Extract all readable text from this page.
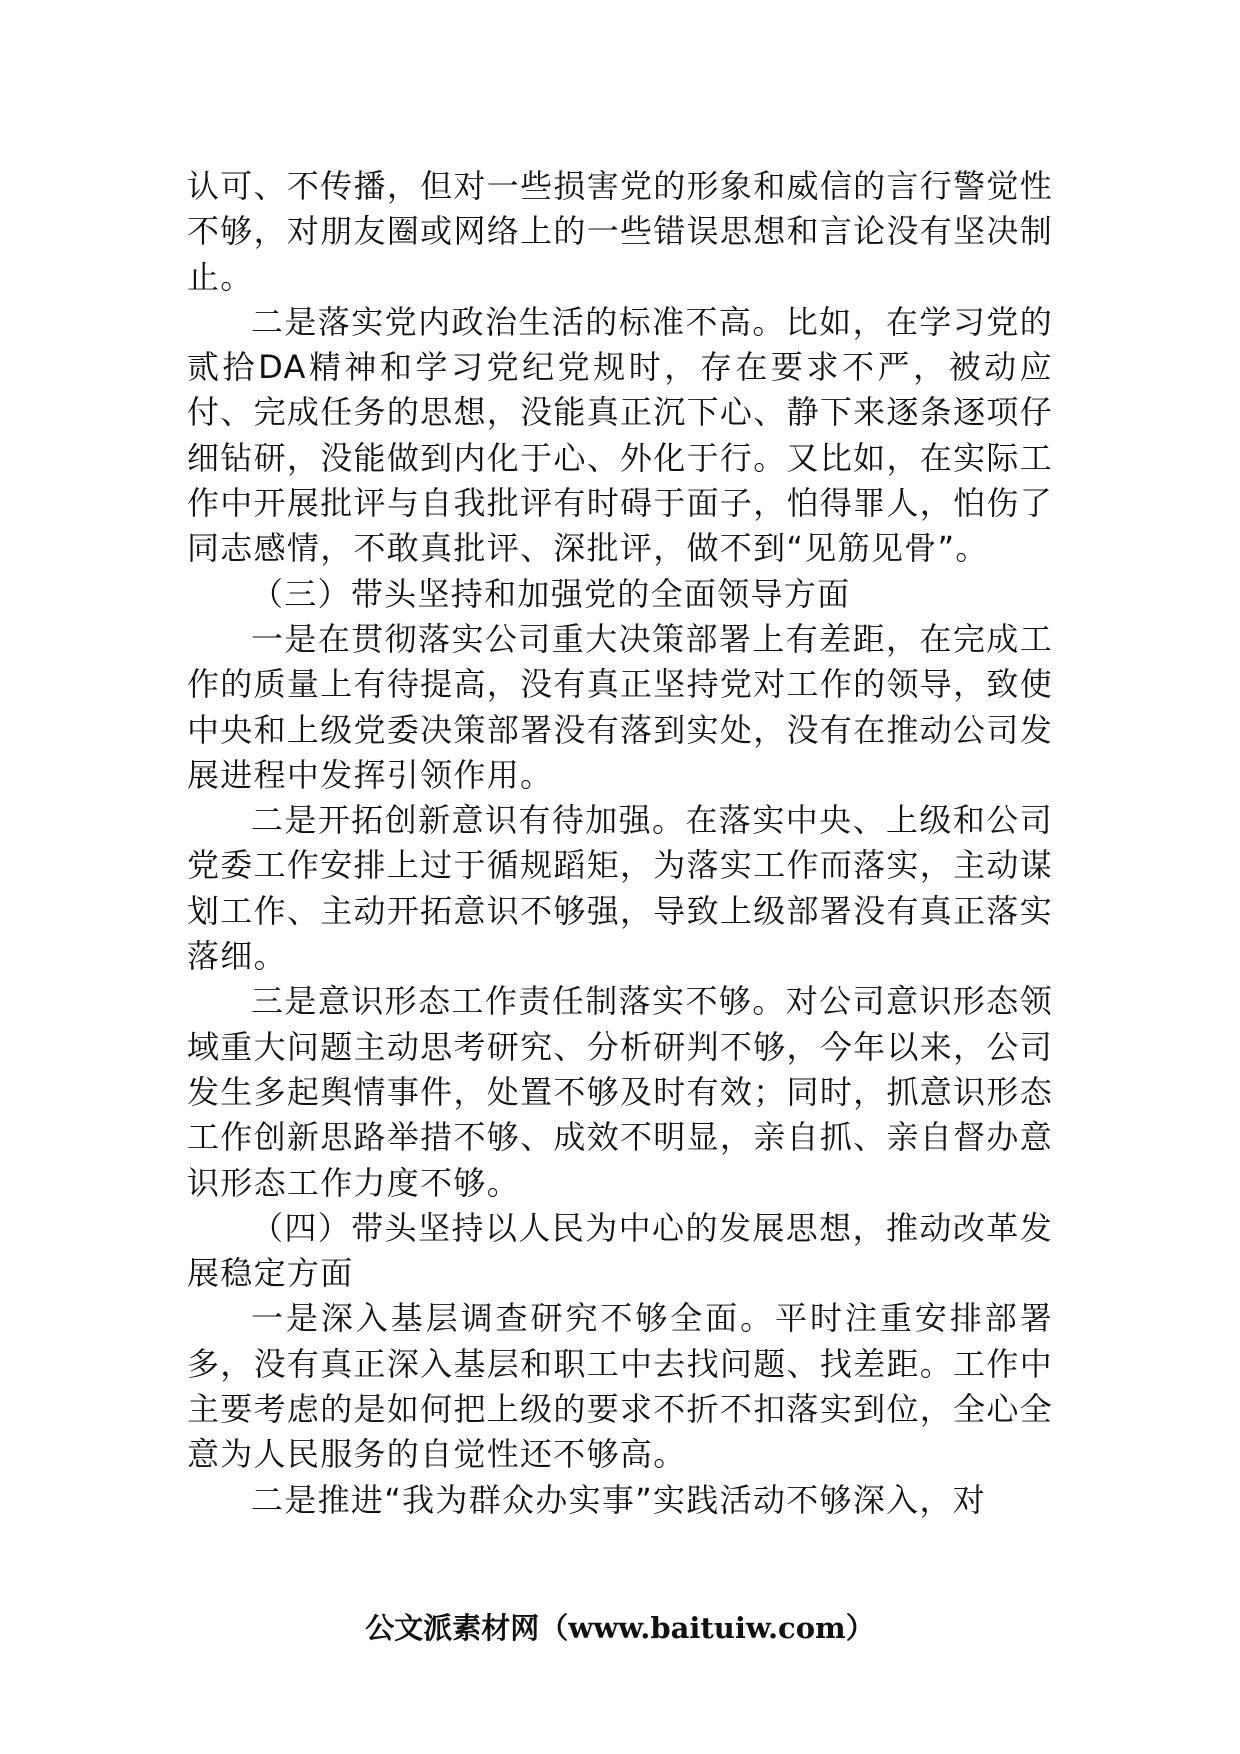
认可、不传播，但对一些损害党的形象和威信的言行警觉性不够，对朋友圈或网络上的一些错误思想和言论没有坚决制止。

二是落实党内政治生活的标准不高。比如，在学习党的贰拾DA精神和学习党纪党规时，存在要求不严，被动应付、完成任务的思想，没能真正沉下心、静下来逐条逐项仔细钻研，没能做到内化于心、外化于行。又比如，在实际工作中开展批评与自我批评有时碍于面子，怕得罪人，怕伤了同志感情，不敢真批评、深批评，做不到“见筋见骨”。

（三）带头坚持和加强党的全面领导方面

一是在贯彻落实公司重大决策部署上有差距，在完成工作的质量上有待提高，没有真正坚持党对工作的领导，致使中央和上级党委决策部署没有落到实处，没有在推动公司发展进程中发挥引领作用。

二是开拓创新意识有待加强。在落实中央、上级和公司党委工作安排上过于循规蹈矩，为落实工作而落实，主动谋划工作、主动开拓意识不够强，导致上级部署没有真正落实落细。

三是意识形态工作责任制落实不够。对公司意识形态领域重大问题主动思考研究、分析研判不够，今年以来，公司发生多起舆情事件，处置不够及时有效；同时，抓意识形态工作创新思路举措不够、成效不明显，亲自抓、亲自督办意识形态工作力度不够。

（四）带头坚持以人民为中心的发展思想，推动改革发展稳定方面

一是深入基层调查研究不够全面。平时注重安排部署多，没有真正深入基层和职工中去找问题、找差距。工作中主要考虑的是如何把上级的要求不折不扣落实到位，全心全意为人民服务的自觉性还不够高。

二是推进“我为群众办实事”实践活动不够深入，对

公文派素材网（www.baituiw.com）
